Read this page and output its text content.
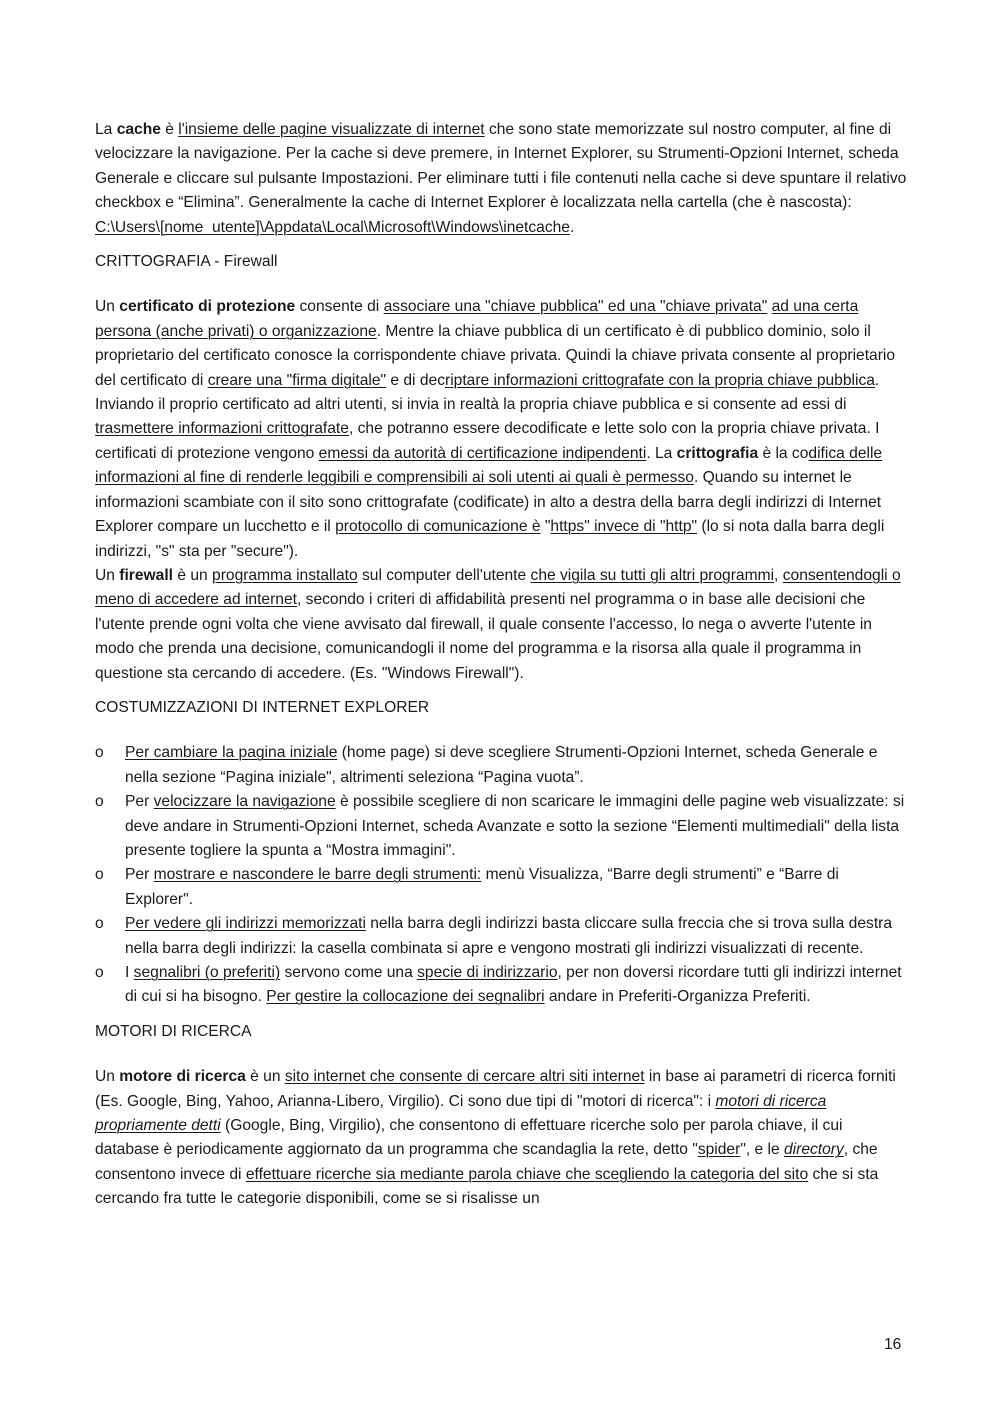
La cache è l'insieme delle pagine visualizzate di internet che sono state memorizzate sul nostro computer, al fine di velocizzare la navigazione. Per la cache si deve premere, in Internet Explorer, su Strumenti-Opzioni Internet, scheda Generale e cliccare sul pulsante Impostazioni. Per eliminare tutti i file contenuti nella cache si deve spuntare il relativo checkbox e “Elimina”. Generalmente la cache di Internet Explorer è localizzata nella cartella (che è nascosta): C:\Users\[nome_utente]\Appdata\Local\Microsoft\Windows\inetcache.

CRITTOGRAFIA - Firewall

Un certificato di protezione consente di associare una "chiave pubblica" ed una "chiave privata" ad una certa persona (anche privati) o organizzazione. Mentre la chiave pubblica di un certificato è di pubblico dominio, solo il proprietario del certificato conosce la corrispondente chiave privata. Quindi la chiave privata consente al proprietario del certificato di creare una "firma digitale" e di decriptare informazioni crittografate con la propria chiave pubblica. Inviando il proprio certificato ad altri utenti, si invia in realtà la propria chiave pubblica e si consente ad essi di trasmettere informazioni crittografate, che potranno essere decodificate e lette solo con la propria chiave privata. I certificati di protezione vengono emessi da autorità di certificazione indipendenti. La crittografia è la codifica delle informazioni al fine di renderle leggibili e comprensibili ai soli utenti ai quali è permesso. Quando su internet le informazioni scambiate con il sito sono crittografate (codificate) in alto a destra della barra degli indirizzi di Internet Explorer compare un lucchetto e il protocollo di comunicazione è "https" invece di "http" (lo si nota dalla barra degli indirizzi, "s" sta per "secure").

Un firewall è un programma installato sul computer dell'utente che vigila su tutti gli altri programmi, consentendogli o meno di accedere ad internet, secondo i criteri di affidabilità presenti nel programma o in base alle decisioni che l'utente prende ogni volta che viene avvisato dal firewall, il quale consente l'accesso, lo nega o avverte l'utente in modo che prenda una decisione, comunicandogli il nome del programma e la risorsa alla quale il programma in questione sta cercando di accedere. (Es. "Windows Firewall").

COSTUMIZZAZIONI DI INTERNET EXPLORER

o Per cambiare la pagina iniziale (home page) si deve scegliere Strumenti-Opzioni Internet, scheda Generale e nella sezione “Pagina iniziale", altrimenti seleziona “Pagina vuota”.
o Per velocizzare la navigazione è possibile scegliere di non scaricare le immagini delle pagine web visualizzate: si deve andare in Strumenti-Opzioni Internet, scheda Avanzate e sotto la sezione “Elementi multimediali" della lista presente togliere la spunta a “Mostra immagini".
o Per mostrare e nascondere le barre degli strumenti: menù Visualizza, “Barre degli strumenti” e “Barre di Explorer".
o Per vedere gli indirizzi memorizzati nella barra degli indirizzi basta cliccare sulla freccia che si trova sulla destra nella barra degli indirizzi: la casella combinata si apre e vengono mostrati gli indirizzi visualizzati di recente.
o I segnalibri (o preferiti) servono come una specie di indirizzario, per non doversi ricordare tutti gli indirizzi internet di cui si ha bisogno. Per gestire la collocazione dei segnalibri andare in Preferiti-Organizza Preferiti.

MOTORI DI RICERCA

Un motore di ricerca è un sito internet che consente di cercare altri siti internet in base ai parametri di ricerca forniti (Es. Google, Bing, Yahoo, Arianna-Libero, Virgilio). Ci sono due tipi di "motori di ricerca": i motori di ricerca propriamente detti (Google, Bing, Virgilio), che consentono di effettuare ricerche solo per parola chiave, il cui database è periodicamente aggiornato da un programma che scandaglia la rete, detto "spider", e le directory, che consentono invece di effettuare ricerche sia mediante parola chiave che scegliendo la categoria del sito che si sta cercando fra tutte le categorie disponibili, come se si risalisse un

16
